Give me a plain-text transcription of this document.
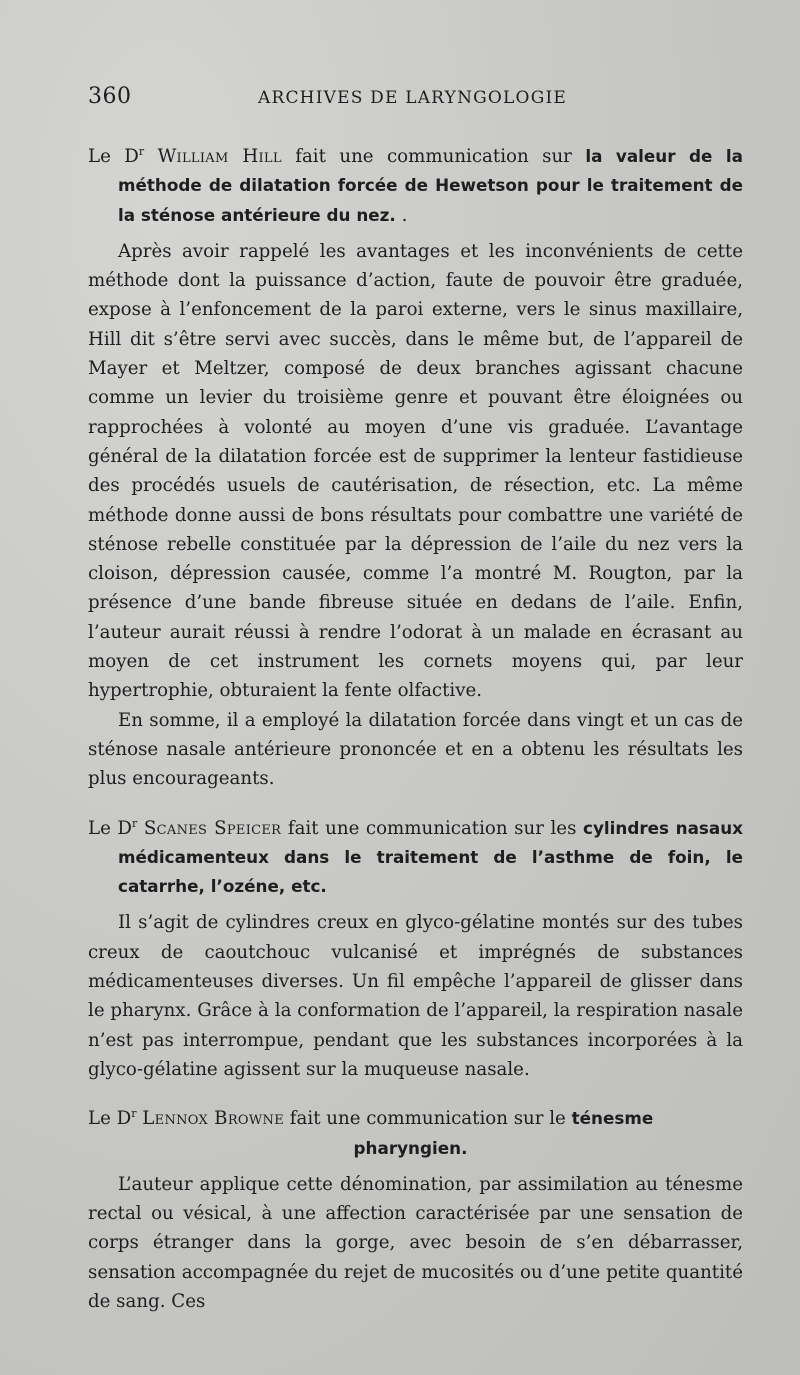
360	ARCHIVES DE LARYNGOLOGIE

Le $D^r$ William Hill fait une communication sur la valeur de la méthode de dilatation forcée de Hewetson pour le traitement de la sténose antérieure du nez. .

Après avoir rappelé les avantages et les inconvénients de cette méthode dont la puissance d’action, faute de pouvoir être graduée, expose à l’enfoncement de la paroi externe, vers le sinus maxillaire, Hill dit s’être servi avec succès, dans le même but, de l’appareil de Mayer et Meltzer, composé de deux branches agissant chacune comme un levier du troisième genre et pouvant être éloignées ou rapprochées à volonté au moyen d’une vis graduée. L’avantage général de la dilatation forcée est de supprimer la lenteur fastidieuse des procédés usuels de cautérisation, de résection, etc. La même méthode donne aussi de bons résultats pour combattre une variété de sténose rebelle constituée par la dépression de l’aile du nez vers la cloison, dépression causée, comme l’a montré M. Rougton, par la présence d’une bande fibreuse située en dedans de l’aile. Enfin, l’auteur aurait réussi à rendre l’odorat à un malade en écrasant au moyen de cet instrument les cornets moyens qui, par leur hypertrophie, obturaient la fente olfactive.

En somme, il a employé la dilatation forcée dans vingt et un cas de sténose nasale antérieure prononcée et en a obtenu les résultats les plus encourageants.

Le $D^r$ Scanes Speicer fait une communication sur les cylindres nasaux médicamenteux dans le traitement de l’asthme de foin, le catarrhe, l’ozéne, etc.

Il s’agit de cylindres creux en glyco-gélatine montés sur des tubes creux de caoutchouc vulcanisé et imprégnés de substances médicamenteuses diverses. Un fil empêche l’appareil de glisser dans le pharynx. Grâce à la conformation de l’appareil, la respiration nasale n’est pas interrompue, pendant que les substances incorporées à la glyco-gélatine agissent sur la muqueuse nasale.

Le $D^r$ Lennox Browne fait une communication sur le ténesme
pharyngien.

L’auteur applique cette dénomination, par assimilation au ténesme rectal ou vésical, à une affection caractérisée par une sensation de corps étranger dans la gorge, avec besoin de s’en débarrasser, sensation accompagnée du rejet de mucosités ou d’une petite quantité de sang. Ces
